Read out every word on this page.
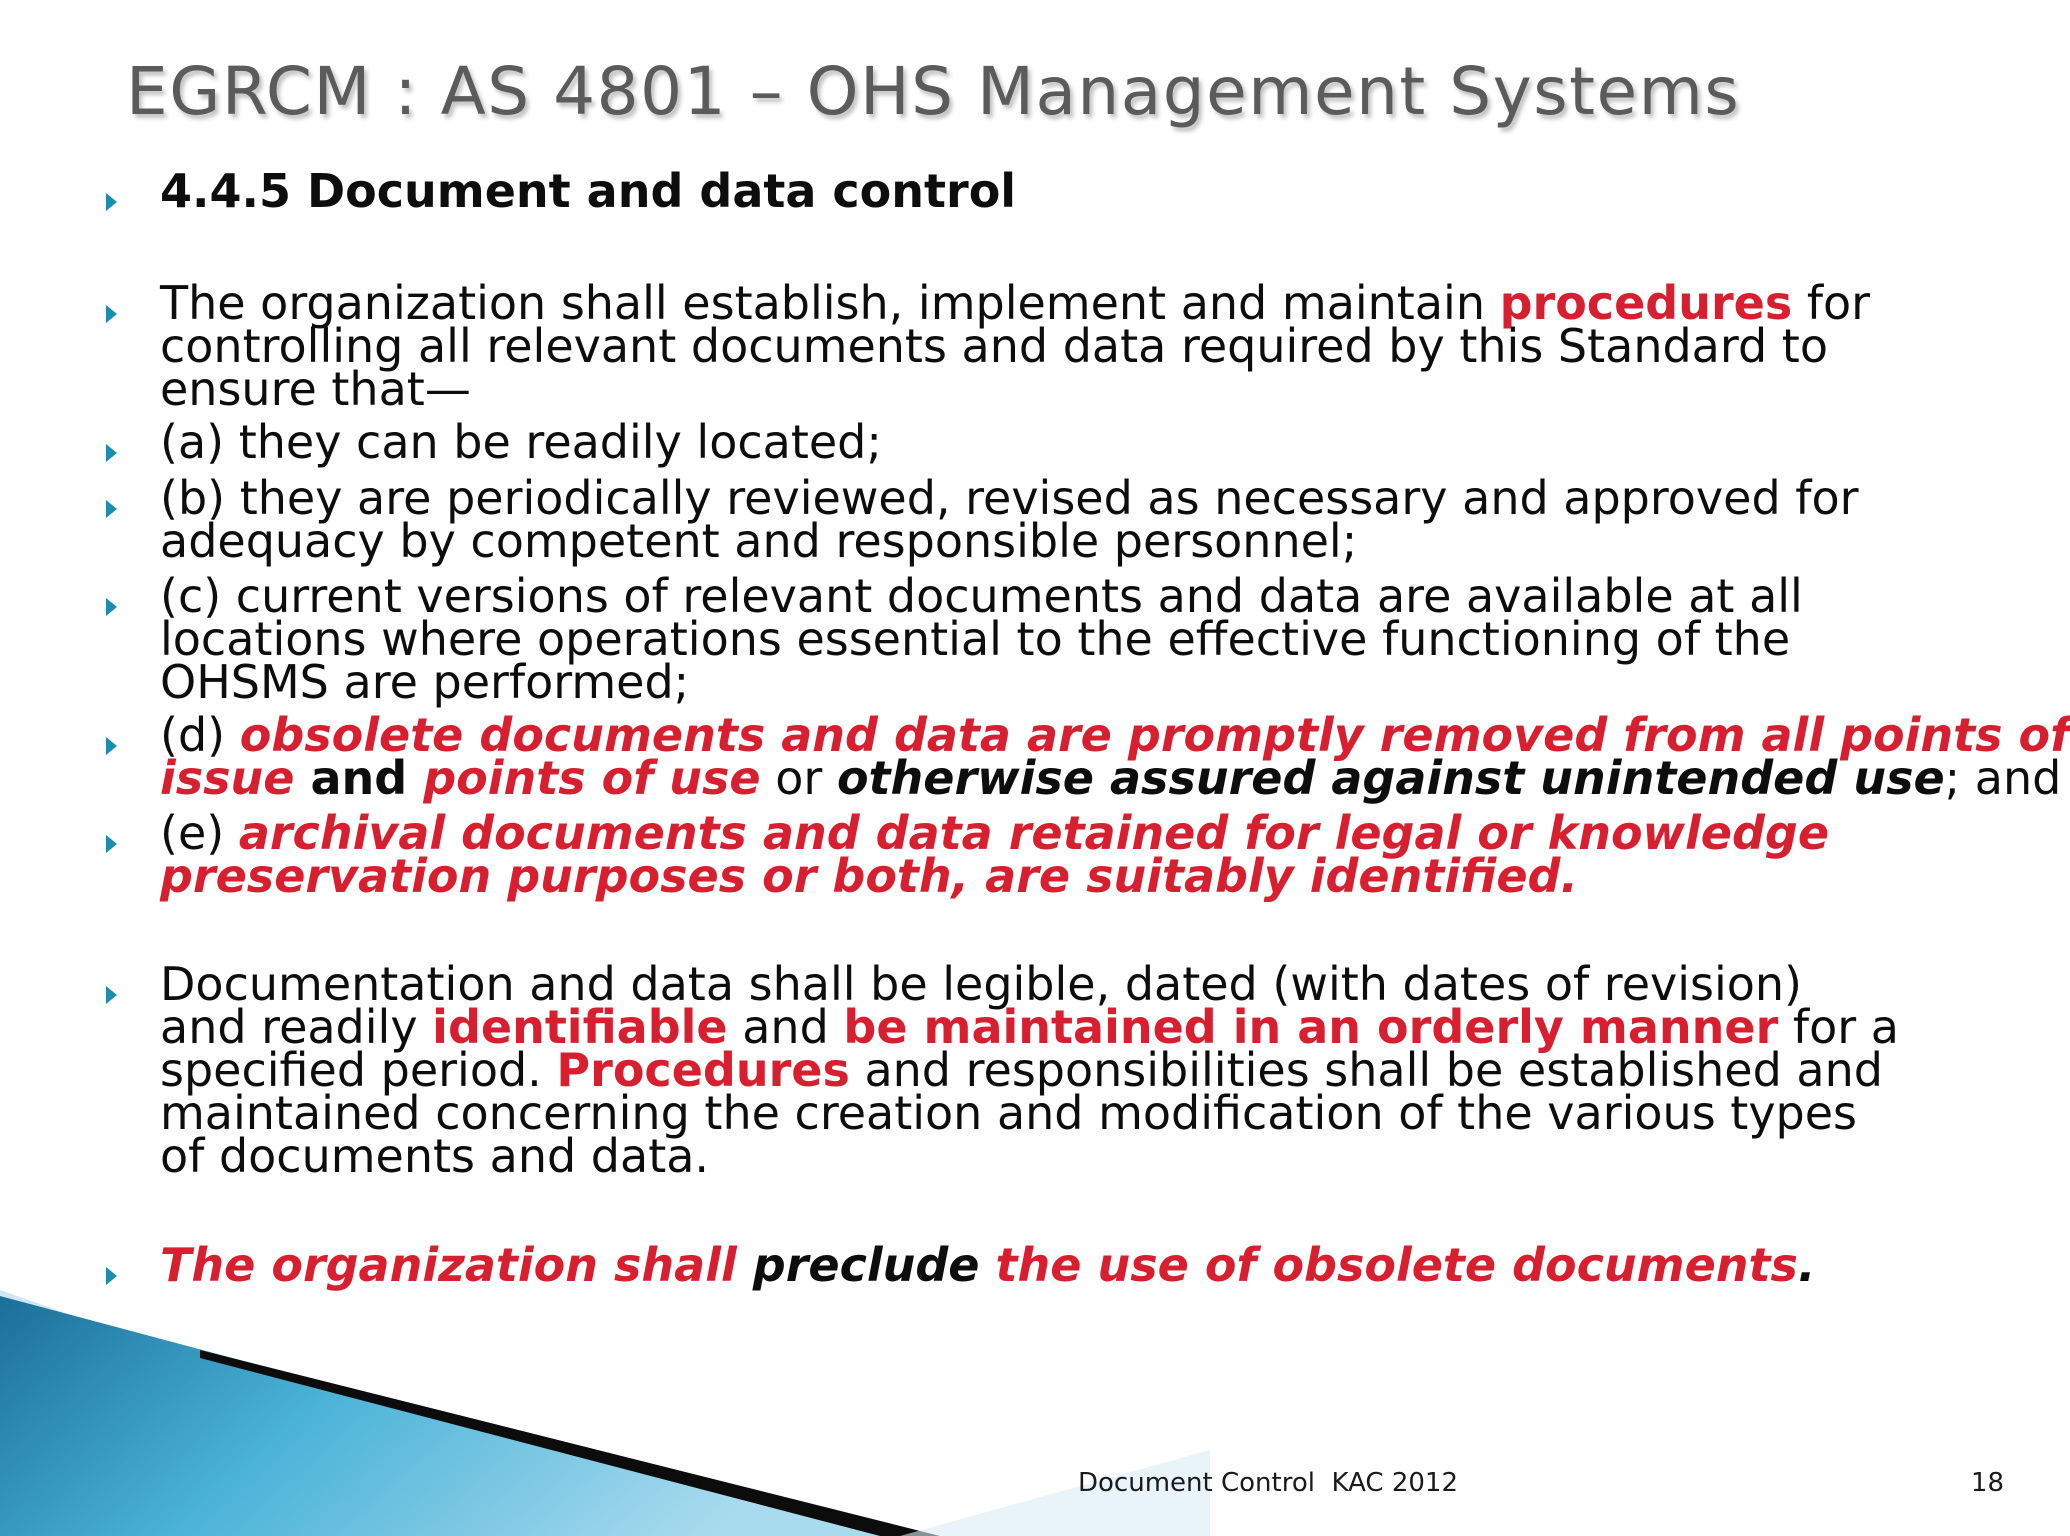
EGRCM : AS 4801 – OHS Management Systems
4.4.5 Document and data control
The organization shall establish, implement and maintain procedures for
controlling all relevant documents and data required by this Standard to
ensure that—
(a) they can be readily located;
(b) they are periodically reviewed, revised as necessary and approved for
adequacy by competent and responsible personnel;
(c) current versions of relevant documents and data are available at all
locations where operations essential to the effective functioning of the
OHSMS are performed;
(d) obsolete documents and data are promptly removed from all points of
issue and points of use or otherwise assured against unintended use; and
(e) archival documents and data retained for legal or knowledge
preservation purposes or both, are suitably identified.
Documentation and data shall be legible, dated (with dates of revision)
and readily identifiable and be maintained in an orderly manner for a
specified period. Procedures and responsibilities shall be established and
maintained concerning the creation and modification of the various types
of documents and data.
The organization shall preclude the use of obsolete documents.
Document Control  KAC 2012	18
